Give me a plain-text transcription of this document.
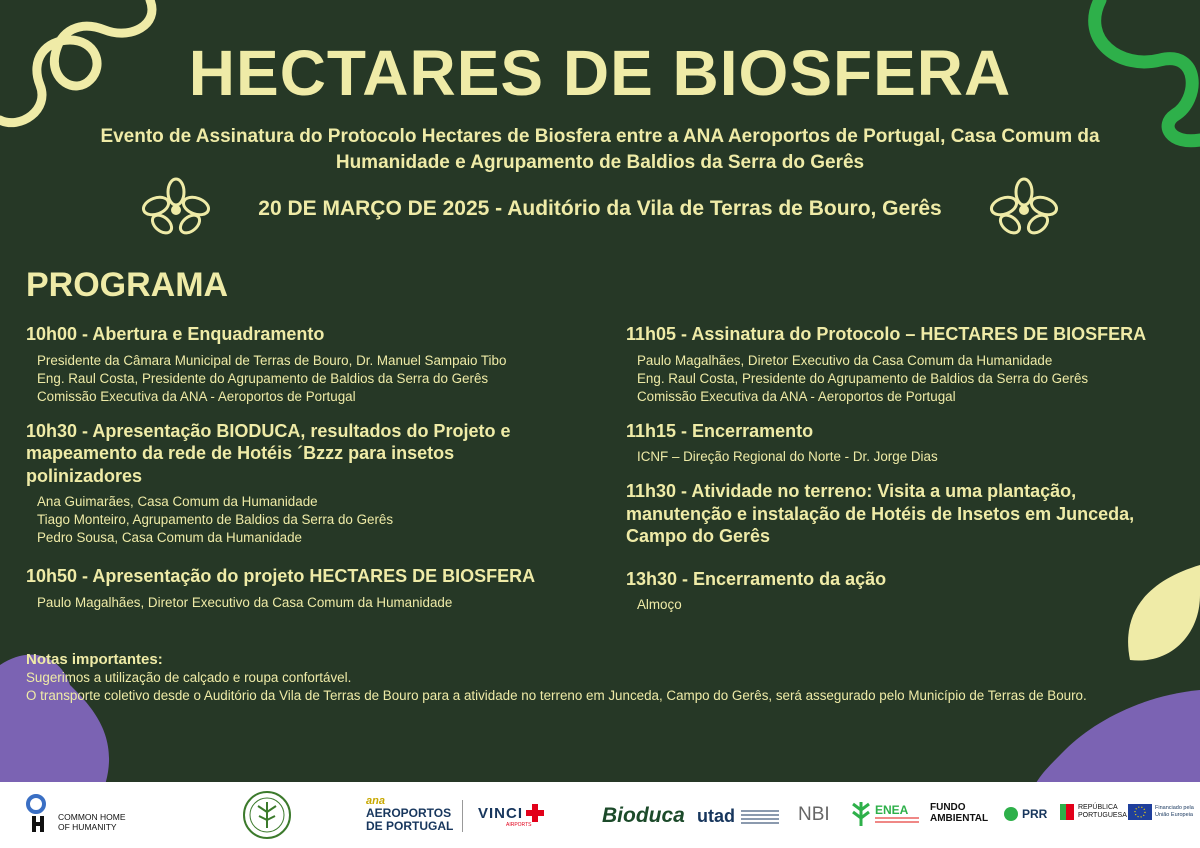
HECTARES DE BIOSFERA
Evento de Assinatura do Protocolo Hectares de Biosfera entre a ANA Aeroportos de Portugal, Casa Comum da Humanidade e Agrupamento de Baldios da Serra do Gerês
20 DE MARÇO DE 2025 - Auditório da Vila de Terras de Bouro, Gerês
PROGRAMA
10h00 - Abertura e Enquadramento
Presidente da Câmara Municipal de Terras de Bouro, Dr. Manuel Sampaio Tibo
Eng. Raul Costa, Presidente do Agrupamento de Baldios da Serra do Gerês
Comissão Executiva da ANA - Aeroportos de Portugal
10h30 - Apresentação BIODUCA, resultados do Projeto e mapeamento da rede de Hotéis ´Bzzz para insetos polinizadores
Ana Guimarães, Casa Comum da Humanidade
Tiago Monteiro, Agrupamento de Baldios da Serra do Gerês
Pedro Sousa, Casa Comum da Humanidade
10h50 - Apresentação do projeto HECTARES DE BIOSFERA
Paulo Magalhães, Diretor Executivo da Casa Comum da Humanidade
11h05 - Assinatura do Protocolo – HECTARES DE BIOSFERA
Paulo Magalhães, Diretor Executivo da Casa Comum da Humanidade
Eng. Raul Costa, Presidente do Agrupamento de Baldios da Serra do Gerês
Comissão Executiva da ANA - Aeroportos de Portugal
11h15 - Encerramento
ICNF – Direção Regional do Norte - Dr. Jorge Dias
11h30 - Atividade no terreno: Visita a uma plantação, manutenção e instalação de Hotéis de Insetos em Junceda, Campo do Gerês
13h30 - Encerramento da ação
Almoço
Notas importantes:
Sugerimos a utilização de calçado e roupa confortável.
O transporte coletivo desde o Auditório da Vila de Terras de Bouro para a atividade no terreno em Junceda, Campo do Gerês, será assegurado pelo Município de Terras de Bouro.
COMMON HOME
OF HUMANITY
ana
AEROPORTOS
DE PORTUGAL
VINCI
AIRPORTS	Bioduca utad	NBI	ENEA	FUNDO
AMBIENTAL	PRR	REPÚBLICA
PORTUGUESA
Financiado pela
União Europeia
